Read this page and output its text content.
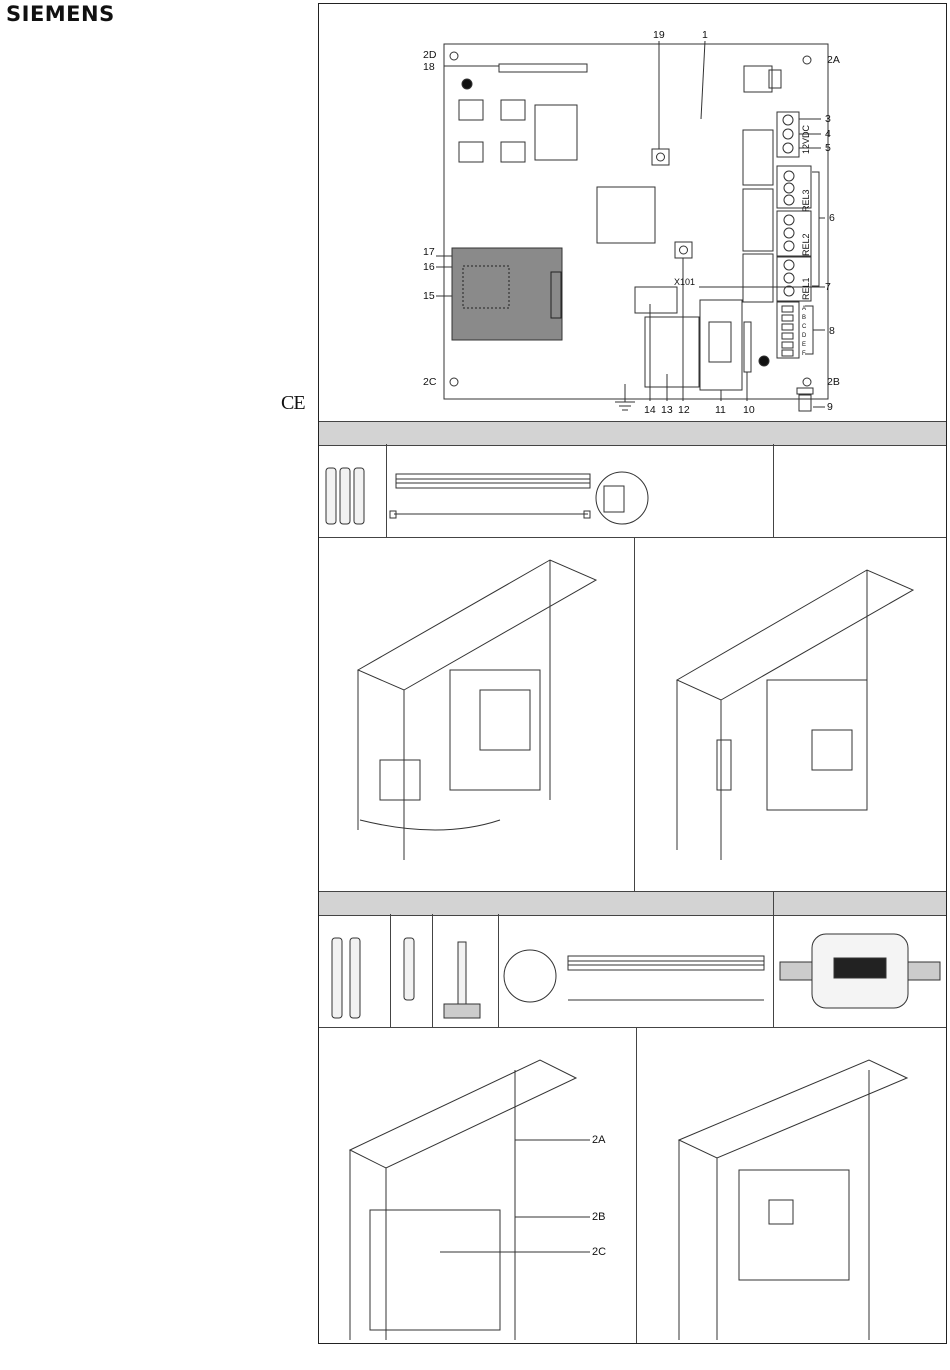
SIEMENS
CE
X101
REL3
REL2
REL1
12VDC
A
B
C
D
E
F
1
19
2D
18
2A
3
4
5
6
7
8
17
16
15
2C	2B
9
14 13 12 11 10
2A
2B
2C
